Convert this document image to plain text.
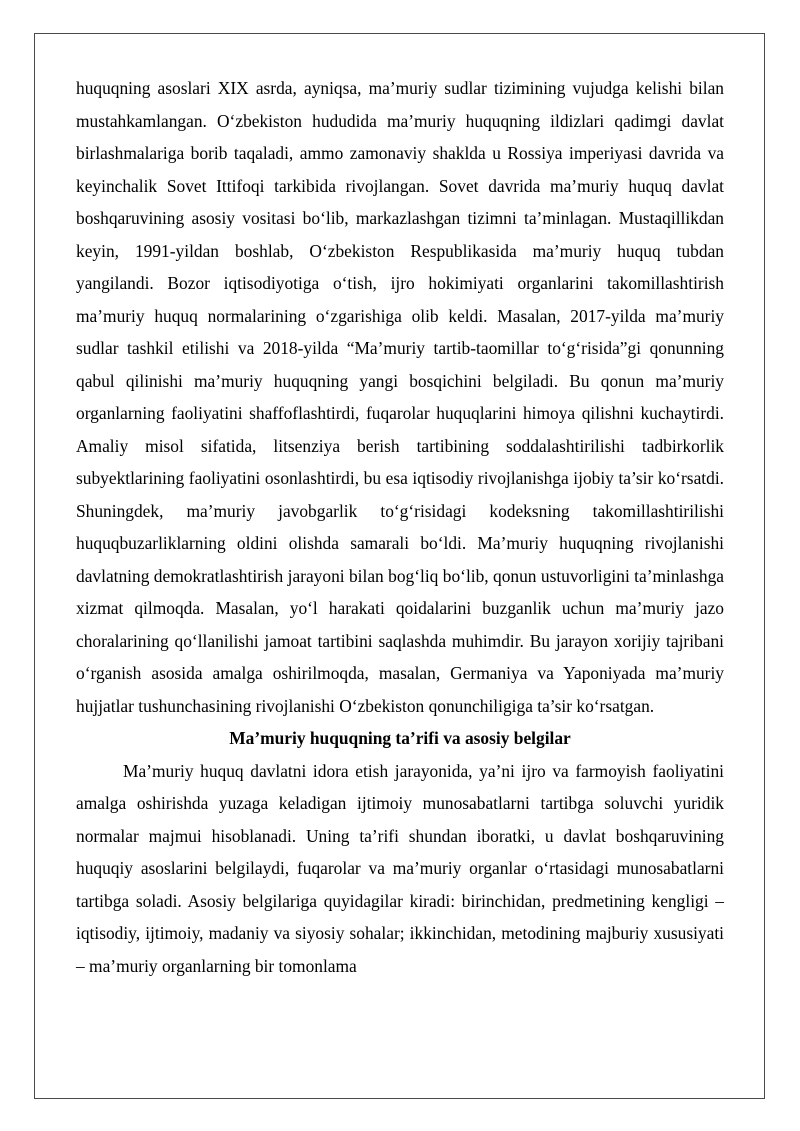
huquqning asoslari XIX asrda, ayniqsa, ma’muriy sudlar tizimining vujudga kelishi bilan mustahkamlangan. O‘zbekiston hududida ma’muriy huquqning ildizlari qadimgi davlat birlashmalariga borib taqaladi, ammo zamonaviy shaklda u Rossiya imperiyasi davrida va keyinchalik Sovet Ittifoqi tarkibida rivojlangan. Sovet davrida ma’muriy huquq davlat boshqaruvining asosiy vositasi bo‘lib, markazlashgan tizimni ta’minlagan. Mustaqillikdan keyin, 1991-yildan boshlab, O‘zbekiston Respublikasida ma’muriy huquq tubdan yangilandi. Bozor iqtisodiyotiga o‘tish, ijro hokimiyati organlarini takomillashtirish ma’muriy huquq normalarining o‘zgarishiga olib keldi. Masalan, 2017-yilda ma’muriy sudlar tashkil etilishi va 2018-yilda “Ma’muriy tartib-taomillar to‘g‘risida”gi qonunning qabul qilinishi ma’muriy huquqning yangi bosqichini belgiladi. Bu qonun ma’muriy organlarning faoliyatini shaffoflashtirdi, fuqarolar huquqlarini himoya qilishni kuchaytirdi. Amaliy misol sifatida, litsenziya berish tartibining soddalashtirilishi tadbirkorlik subyektlarining faoliyatini osonlashtirdi, bu esa iqtisodiy rivojlanishga ijobiy ta’sir ko‘rsatdi. Shuningdek, ma’muriy javobgarlik to‘g‘risidagi kodeksning takomillashtirilishi huquqbuzarliklarning oldini olishda samarali bo‘ldi. Ma’muriy huquqning rivojlanishi davlatning demokratlashtirish jarayoni bilan bog‘liq bo‘lib, qonun ustuvorligini ta’minlashga xizmat qilmoqda. Masalan, yo‘l harakati qoidalarini buzganlik uchun ma’muriy jazo choralarining qo‘llanilishi jamoat tartibini saqlashda muhimdir. Bu jarayon xorijiy tajribani o‘rganish asosida amalga oshirilmoqda, masalan, Germaniya va Yaponiyada ma’muriy hujjatlar tushunchasining rivojlanishi O‘zbekiston qonunchiligiga ta’sir ko‘rsatgan.

Ma’muriy huquqning ta’rifi va asosiy belgilar

Ma’muriy huquq davlatni idora etish jarayonida, ya’ni ijro va farmoyish faoliyatini amalga oshirishda yuzaga keladigan ijtimoiy munosabatlarni tartibga soluvchi yuridik normalar majmui hisoblanadi. Uning ta’rifi shundan iboratki, u davlat boshqaruvining huquqiy asoslarini belgilaydi, fuqarolar va ma’muriy organlar o‘rtasidagi munosabatlarni tartibga soladi. Asosiy belgilariga quyidagilar kiradi: birinchidan, predmetining kengligi – iqtisodiy, ijtimoiy, madaniy va siyosiy sohalar; ikkinchidan, metodining majburiy xususiyati – ma’muriy organlarning bir tomonlama
